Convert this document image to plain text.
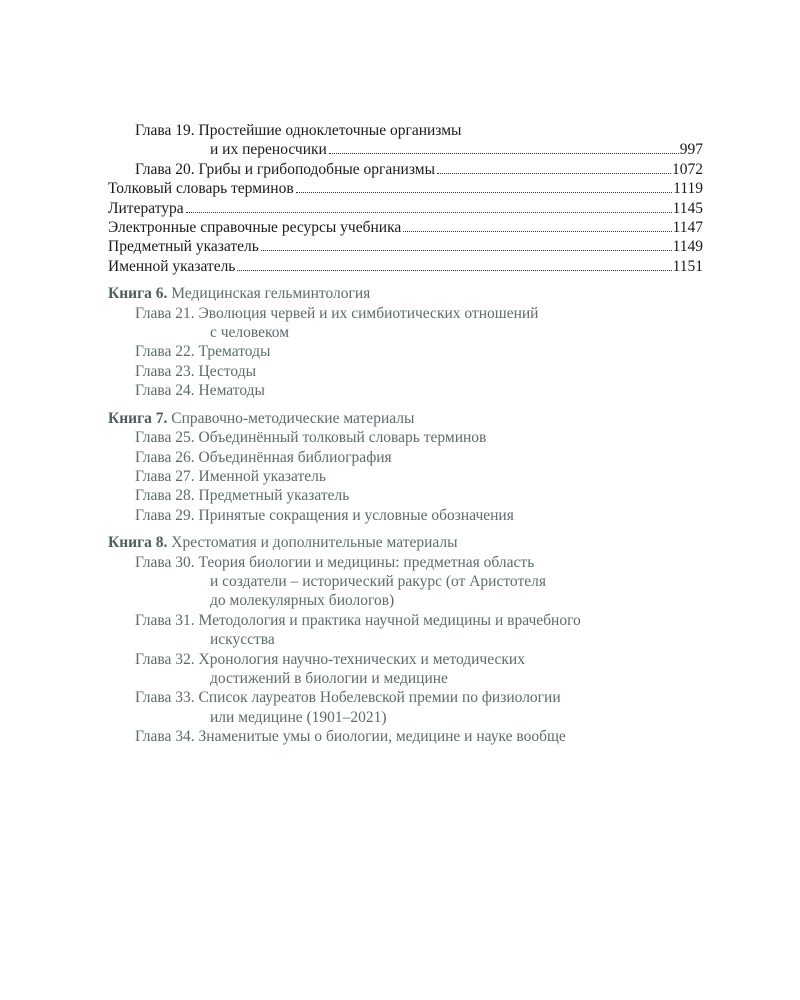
Глава 19. Простейшие одноклеточные организмы
и их переносчики	997
Глава 20. Грибы и грибоподобные организмы	1072
Толковый словарь терминов	1119
Литература	1145
Электронные справочные ресурсы учебника	1147
Предметный указатель	1149
Именной указатель	1151
Книга 6. Медицинская гельминтология
Глава 21. Эволюция червей и их симбиотических отношений
с человеком
Глава 22. Трематоды
Глава 23. Цестоды
Глава 24. Нематоды
Книга 7. Справочно-методические материалы
Глава 25. Объединённый толковый словарь терминов
Глава 26. Объединённая библиография
Глава 27. Именной указатель
Глава 28. Предметный указатель
Глава 29. Принятые сокращения и условные обозначения
Книга 8. Хрестоматия и дополнительные материалы
Глава 30. Теория биологии и медицины: предметная область
и создатели – исторический ракурс (от Аристотеля
до молекулярных биологов)
Глава 31. Методология и практика научной медицины и врачебного
искусства
Глава 32. Хронология научно-технических и методических
достижений в биологии и медицине
Глава 33. Список лауреатов Нобелевской премии по физиологии
или медицине (1901–2021)
Глава 34. Знаменитые умы о биологии, медицине и науке вообще
